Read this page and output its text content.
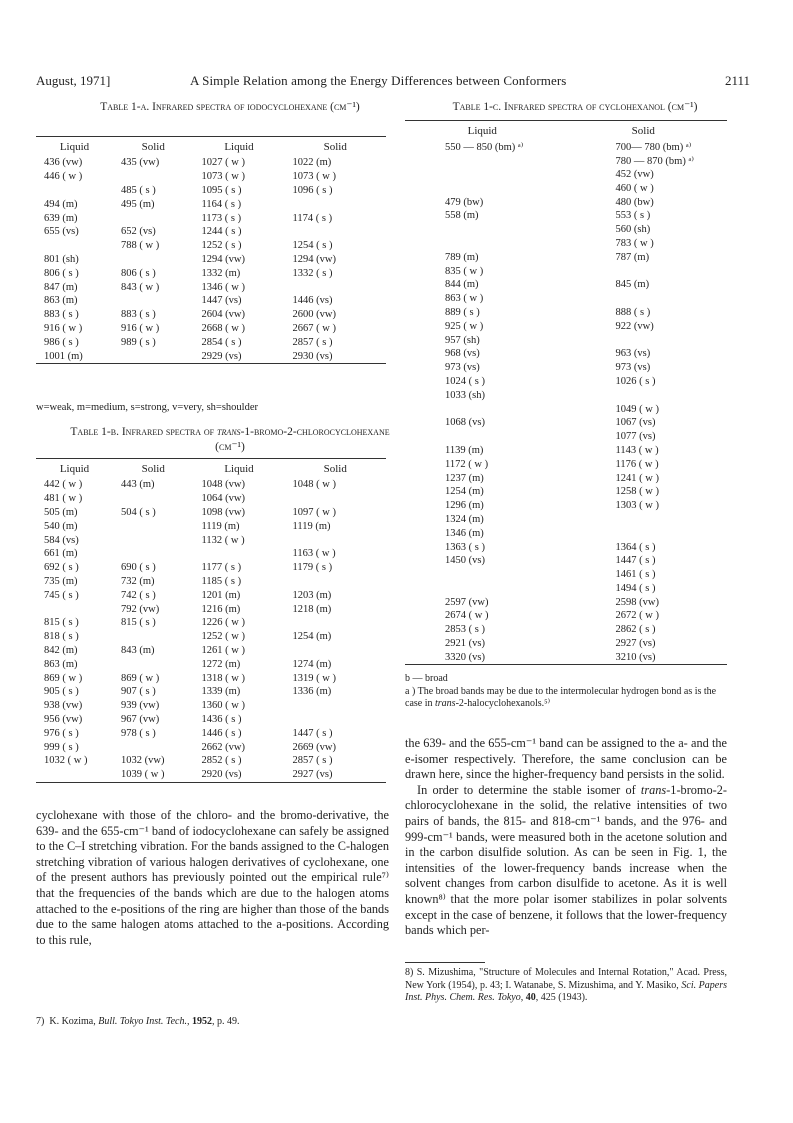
August, 1971]	A Simple Relation among the Energy Differences between Conformers	2111
Table 1-a. Infrared spectra of iodocyclohexane (cm⁻¹)
Liquid	Solid	Liquid	Solid
436 (vw)	435 (vw)	1027 ( w )	1022 (m)
446 ( w )		1073 ( w )	1073 ( w )
	485 ( s )	1095 ( s )	1096 ( s )
494 (m)	495 (m)	1164 ( s )	
639 (m)		1173 ( s )	1174 ( s )
655 (vs)	652 (vs)	1244 ( s )	
	788 ( w )	1252 ( s )	1254 ( s )
801 (sh)		1294 (vw)	1294 (vw)
806 ( s )	806 ( s )	1332 (m)	1332 ( s )
847 (m)	843 ( w )	1346 ( w )	
863 (m)		1447 (vs)	1446 (vs)
883 ( s )	883 ( s )	2604 (vw)	2600 (vw)
916 ( w )	916 ( w )	2668 ( w )	2667 ( w )
986 ( s )	989 ( s )	2854 ( s )	2857 ( s )
1001 (m)		2929 (vs)	2930 (vs)
w=weak, m=medium, s=strong, v=very, sh=shoulder
Table 1-b. Infrared spectra of trans-1-bromo-2-chlorocyclohexane (cm⁻¹)
Liquid	Solid	Liquid	Solid
442 ( w )	443 (m)	1048 (vw)	1048 ( w )
481 ( w )		1064 (vw)	
505 (m)	504 ( s )	1098 (vw)	1097 ( w )
540 (m)		1119 (m)	1119 (m)
584 (vs)		1132 ( w )	
661 (m)			1163 ( w )
692 ( s )	690 ( s )	1177 ( s )	1179 ( s )
735 (m)	732 (m)	1185 ( s )	
745 ( s )	742 ( s )	1201 (m)	1203 (m)
	792 (vw)	1216 (m)	1218 (m)
815 ( s )	815 ( s )	1226 ( w )	
818 ( s )		1252 ( w )	1254 (m)
842 (m)	843 (m)	1261 ( w )	
863 (m)		1272 (m)	1274 (m)
869 ( w )	869 ( w )	1318 ( w )	1319 ( w )
905 ( s )	907 ( s )	1339 (m)	1336 (m)
938 (vw)	939 (vw)	1360 ( w )	
956 (vw)	967 (vw)	1436 ( s )	
976 ( s )	978 ( s )	1446 ( s )	1447 ( s )
999 ( s )		2662 (vw)	2669 (vw)
1032 ( w )	1032 (vw)	2852 ( s )	2857 ( s )
	1039 ( w )	2920 (vs)	2927 (vs)
Table 1-c. Infrared spectra of cyclohexanol (cm⁻¹)
Liquid	Solid
550 — 850 (bm) ᵃ⁾	700— 780 (bm) ᵃ⁾
	780 — 870 (bm) ᵃ⁾
	452 (vw)
	460 ( w )
479 (bw)	480 (bw)
558 (m)	553 ( s )
	560 (sh)
	783 ( w )
789 (m)	787 (m)
835 ( w )	
844 (m)	845 (m)
863 ( w )	
889 ( s )	888 ( s )
925 ( w )	922 (vw)
957 (sh)	
968 (vs)	963 (vs)
973 (vs)	973 (vs)
1024 ( s )	1026 ( s )
1033 (sh)	
	1049 ( w )
1068 (vs)	1067 (vs)
	1077 (vs)
1139 (m)	1143 ( w )
1172 ( w )	1176 ( w )
1237 (m)	1241 ( w )
1254 (m)	1258 ( w )
1296 (m)	1303 ( w )
1324 (m)	
1346 (m)	
1363 ( s )	1364 ( s )
1450 (vs)	1447 ( s )
	1461 ( s )
	1494 ( s )
2597 (vw)	2598 (vw)
2674 ( w )	2672 ( w )
2853 ( s )	2862 ( s )
2921 (vs)	2927 (vs)
3320 (vs)	3210 (vs)
b — broad
a ) The broad bands may be due to the intermolecular hydrogen bond as is the case in trans-2-halocyclohexanols.⁵⁾
cyclohexane with those of the chloro- and the bromo-derivative, the 639- and the 655-cm⁻¹ band of iodocyclohexane can safely be assigned to the C–I stretching vibration. For the bands assigned to the C-halogen stretching vibration of various halogen derivatives of cyclohexane, one of the present authors has previously pointed out the empirical rule⁷⁾ that the frequencies of the bands which are due to the halogen atoms attached to the e-positions of the ring are higher than those of the bands due to the same halogen atoms attached to the a-positions. According to this rule,
7) K. Kozima, Bull. Tokyo Inst. Tech., 1952, p. 49.
the 639- and the 655-cm⁻¹ band can be assigned to the a- and the e-isomer respectively. Therefore, the same conclusion can be drawn here, since the higher-frequency band persists in the solid.
In order to determine the stable isomer of trans-1-bromo-2-chlorocyclohexane in the solid, the relative intensities of two pairs of bands, the 815- and 818-cm⁻¹ bands, and the 976- and 999-cm⁻¹ bands, were measured both in the acetone solution and in the carbon disulfide solution. As can be seen in Fig. 1, the intensities of the lower-frequency bands increase when the solvent changes from carbon disulfide to acetone. As it is well known⁸⁾ that the more polar isomer stabilizes in polar solvents except in the case of benzene, it follows that the lower-frequency bands which per-
8) S. Mizushima, "Structure of Molecules and Internal Rotation," Acad. Press, New York (1954), p. 43; I. Watanabe, S. Mizushima, and Y. Masiko, Sci. Papers Inst. Phys. Chem. Res. Tokyo, 40, 425 (1943).
